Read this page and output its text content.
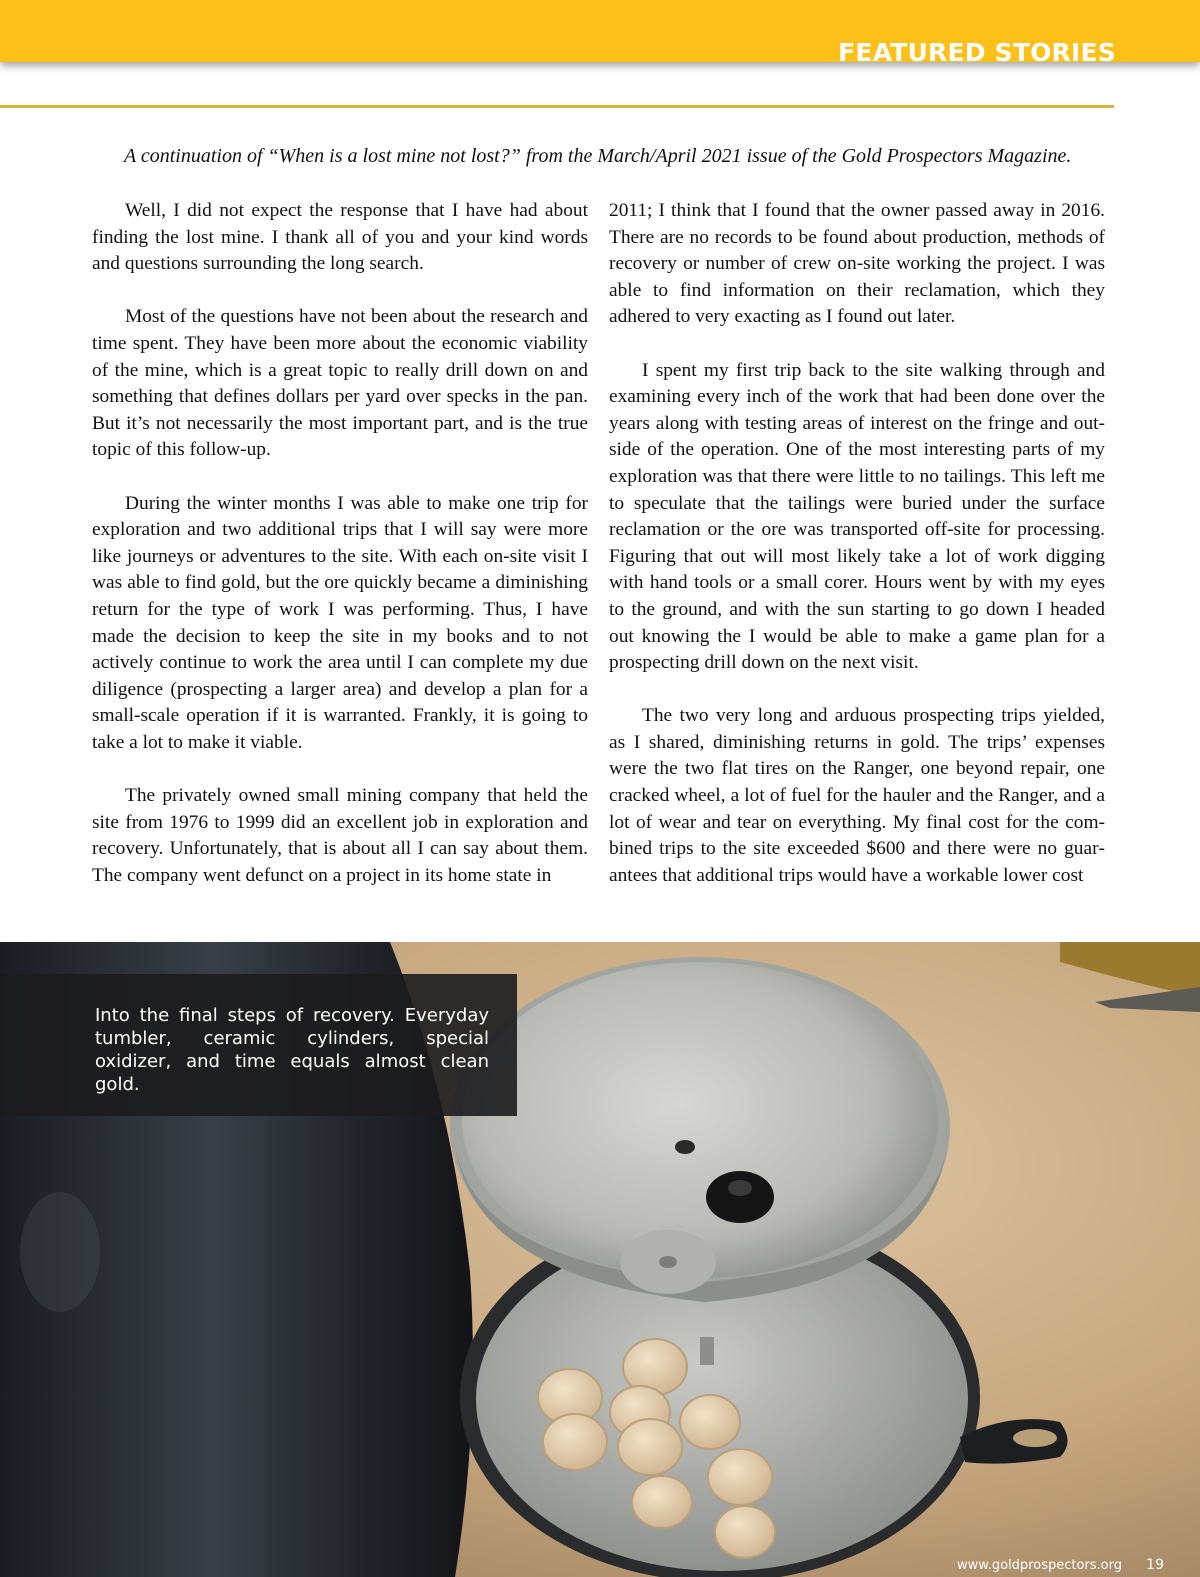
FEATURED STORIES
A continuation of “When is a lost mine not lost?” from the March/April 2021 issue of the Gold Prospectors Magazine.

Well, I did not expect the response that I have had about finding the lost mine. I thank all of you and your kind words and questions surrounding the long search.

Most of the questions have not been about the research and time spent. They have been more about the economic viability of the mine, which is a great topic to really drill down on and something that defines dollars per yard over specks in the pan. But it’s not necessarily the most important part, and is the true topic of this follow-up.

During the winter months I was able to make one trip for exploration and two additional trips that I will say were more like journeys or adventures to the site. With each on-site visit I was able to find gold, but the ore quickly became a diminishing return for the type of work I was performing. Thus, I have made the decision to keep the site in my books and to not actively continue to work the area until I can complete my due diligence (prospecting a larger area) and develop a plan for a small-scale operation if it is warranted. Frankly, it is going to take a lot to make it viable.

The privately owned small mining company that held the site from 1976 to 1999 did an excellent job in exploration and recovery. Unfortunately, that is about all I can say about them. The company went defunct on a project in its home state in

2011; I think that I found that the owner passed away in 2016. There are no records to be found about production, methods of recovery or number of crew on-site working the project. I was able to find information on their reclamation, which they adhered to very exacting as I found out later.

I spent my first trip back to the site walking through and examining every inch of the work that had been done over the years along with testing areas of interest on the fringe and outside of the operation. One of the most interesting parts of my exploration was that there were little to no tailings. This left me to speculate that the tailings were buried under the surface reclamation or the ore was transported off-site for processing. Figuring that out will most likely take a lot of work digging with hand tools or a small corer. Hours went by with my eyes to the ground, and with the sun starting to go down I headed out knowing the I would be able to make a game plan for a prospecting drill down on the next visit.

The two very long and arduous prospecting trips yielded, as I shared, diminishing returns in gold. The trips’ expenses were the two flat tires on the Ranger, one beyond repair, one cracked wheel, a lot of fuel for the hauler and the Ranger, and a lot of wear and tear on everything. My final cost for the combined trips to the site exceeded $600 and there were no guarantees that additional trips would have a workable lower cost

Into the final steps of recovery. Everyday tumbler, ceramic cylinders, special oxidizer, and time equals almost clean gold.
www.goldprospectors.org 19
